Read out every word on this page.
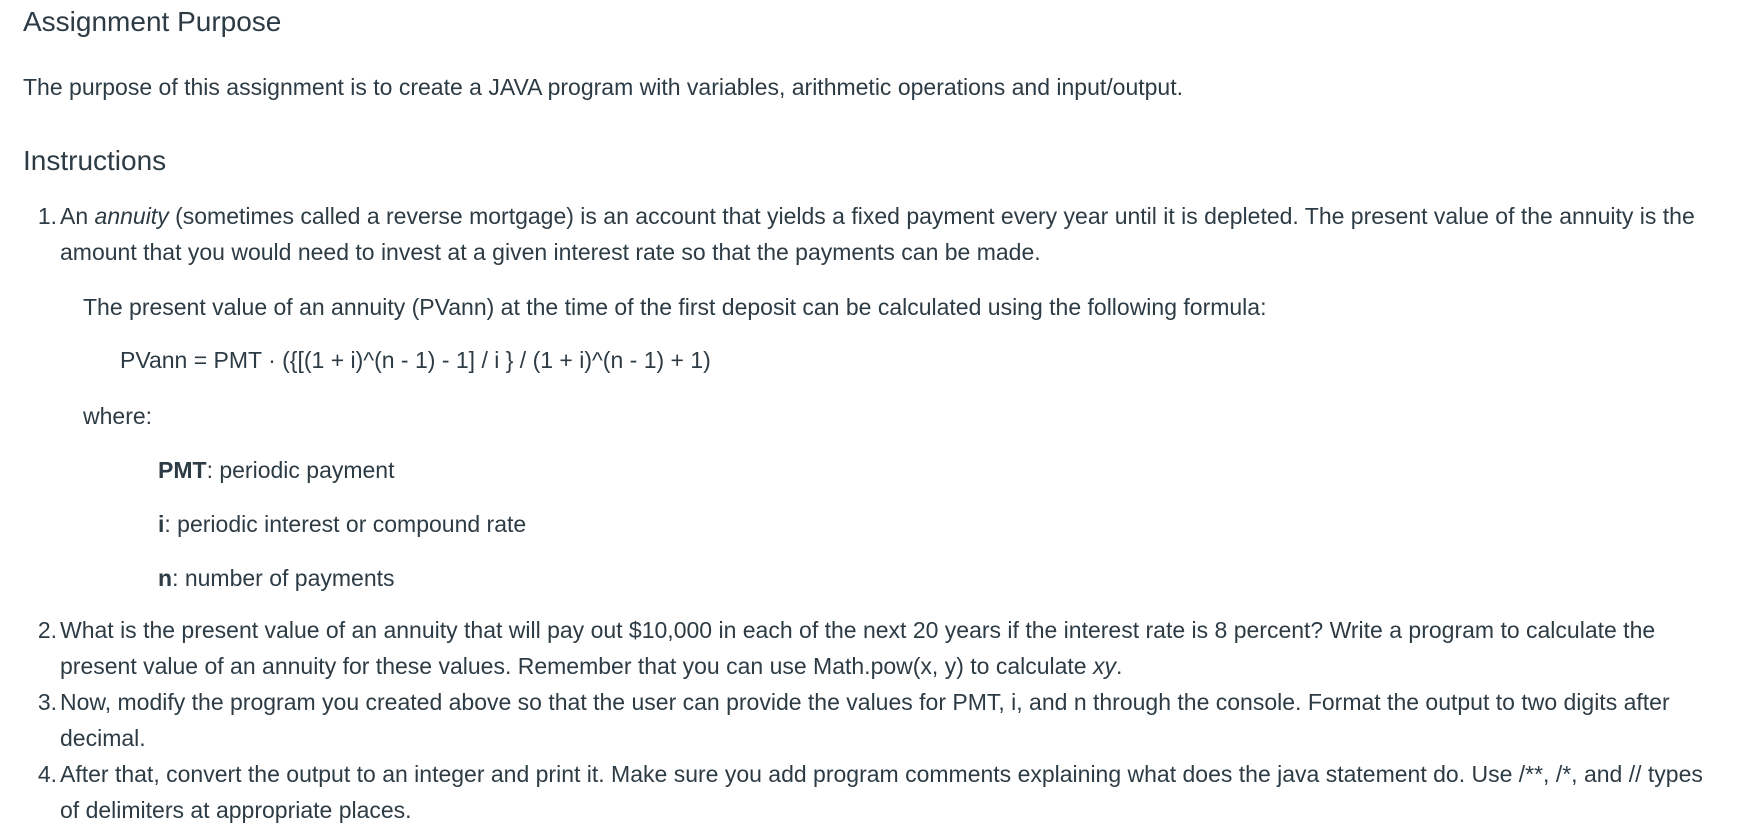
Assignment Purpose
The purpose of this assignment is to create a JAVA program with variables, arithmetic operations and input/output.
Instructions
1. An annuity (sometimes called a reverse mortgage) is an account that yields a fixed payment every year until it is depleted. The present value of the annuity is the amount that you would need to invest at a given interest rate so that the payments can be made.
The present value of an annuity (PVann) at the time of the first deposit can be calculated using the following formula:
PVann = PMT · ({[(1 + i)^(n - 1) - 1] / i } / (1 + i)^(n - 1) + 1)
where:
PMT: periodic payment
i: periodic interest or compound rate
n: number of payments
2. What is the present value of an annuity that will pay out $10,000 in each of the next 20 years if the interest rate is 8 percent? Write a program to calculate the present value of an annuity for these values. Remember that you can use Math.pow(x, y) to calculate xy.
3. Now, modify the program you created above so that the user can provide the values for PMT, i, and n through the console. Format the output to two digits after decimal.
4. After that, convert the output to an integer and print it. Make sure you add program comments explaining what does the java statement do. Use /**, /*, and // types of delimiters at appropriate places.
